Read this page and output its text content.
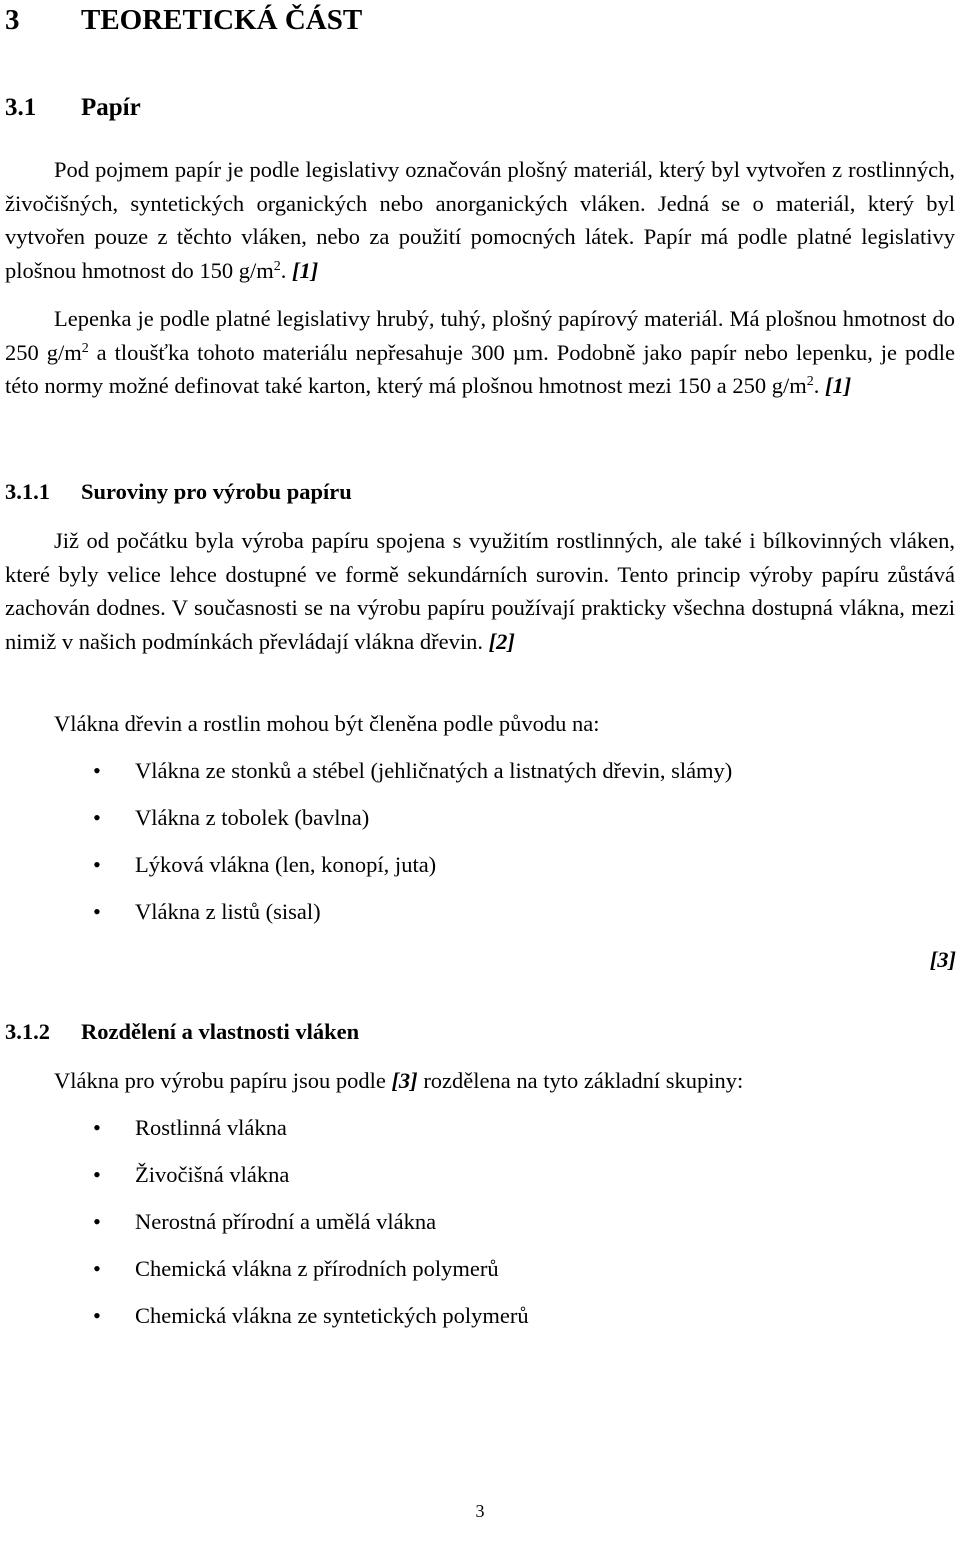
3 TEORETICKÁ ČÁST
3.1 Papír

Pod pojmem papír je podle legislativy označován plošný materiál, který byl vytvořen z rostlinných, živočišných, syntetických organických nebo anorganických vláken. Jedná se o materiál, který byl vytvořen pouze z těchto vláken, nebo za použití pomocných látek. Papír má podle platné legislativy plošnou hmotnost do 150 $g/m^2$. [1]

Lepenka je podle platné legislativy hrubý, tuhý, plošný papírový materiál. Má plošnou hmotnost do 250 $g/m^2$ a tloušťka tohoto materiálu nepřesahuje 300 µm. Podobně jako papír nebo lepenku, je podle této normy možné definovat také karton, který má plošnou hmotnost mezi 150 a 250 $g/m^2$. [1]

3.1.1 Suroviny pro výrobu papíru

Již od počátku byla výroba papíru spojena s využitím rostlinných, ale také i bílkovinných vláken, které byly velice lehce dostupné ve formě sekundárních surovin. Tento princip výroby papíru zůstává zachován dodnes. V současnosti se na výrobu papíru používají prakticky všechna dostupná vlákna, mezi nimiž v našich podmínkách převládají vlákna dřevin. [2]

Vlákna dřevin a rostlin mohou být členěna podle původu na:

• Vlákna ze stonků a stébel (jehličnatých a listnatých dřevin, slámy)
• Vlákna z tobolek (bavlna)
• Lýková vlákna (len, konopí, juta)
• Vlákna z listů (sisal)
[3]
3.1.2 Rozdělení a vlastnosti vláken

Vlákna pro výrobu papíru jsou podle [3] rozdělena na tyto základní skupiny:

• Rostlinná vlákna
• Živočišná vlákna
• Nerostná přírodní a umělá vlákna
• Chemická vlákna z přírodních polymerů
• Chemická vlákna ze syntetických polymerů
3
